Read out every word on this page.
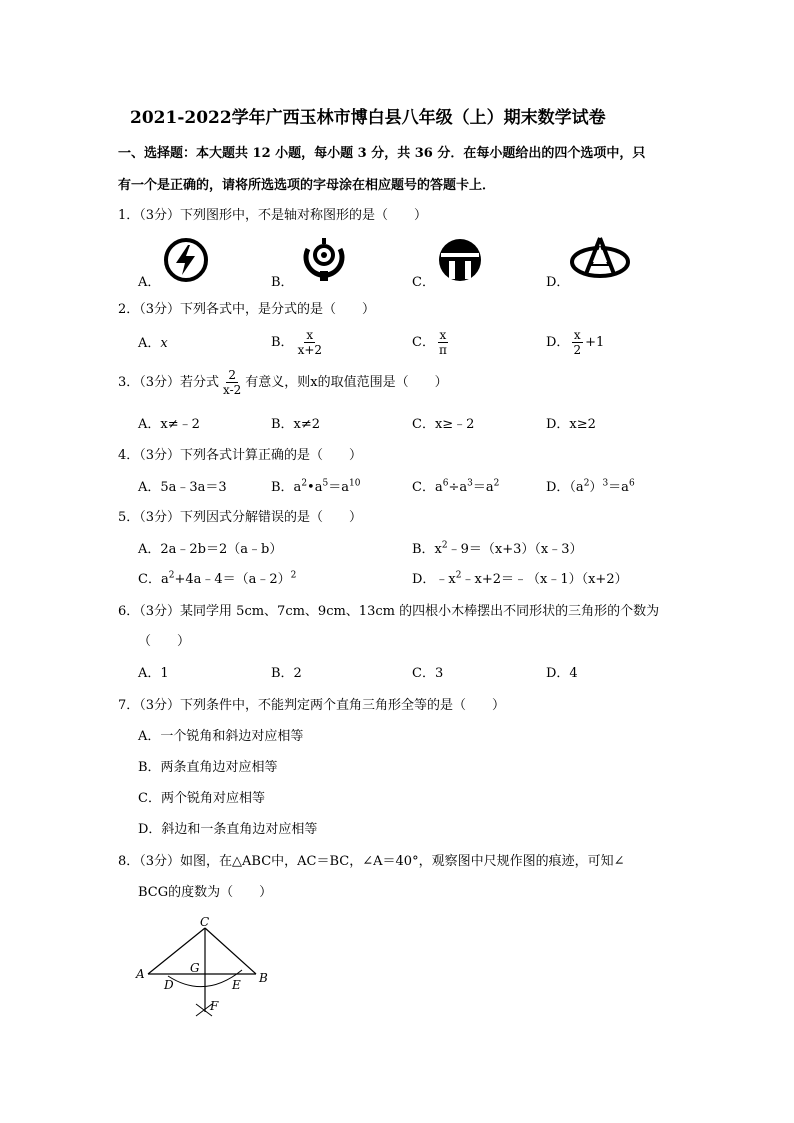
2021-2022学年广西玉林市博白县八年级（上）期末数学试卷
一、选择题：本大题共 12 小题，每小题 3 分，共 36 分．在每小题给出的四个选项中，只
有一个是正确的，请将所选选项的字母涂在相应题号的答题卡上．
1．（3分）下列图形中，不是轴对称图形的是（　　）
A．	B．	C．	D．
2．（3分）下列各式中，是分式的是（　　）
A．x	B． $\frac{x}{x+2}$	C． $\frac{x}{\pi}$	D． $\frac{x}{2} +1$
3．（3分）若分式 $\frac{2}{x-2}$ 有意义，则x的取值范围是（　　）
A．x≠﹣2	B．x≠2	C．x≥﹣2	D．x≥2
4．（3分）下列各式计算正确的是（　　）
A．5a﹣3a＝3	B．$a^2•a^5=a^{10}$	C．$a^6\div a^3=a^2$	D．$(a^2)^3=a^6$
5．（3分）下列因式分解错误的是（　　）
A．2a﹣2b＝2（a﹣b）	B．$x^2﹣9=(x+3)(x﹣3)$
C．$a^2+4a﹣4=(a﹣2)^2$	D．$﹣x^2﹣x+2=﹣(x﹣1)(x+2)$
6．（3分）某同学用 5cm、7cm、9cm、13cm 的四根小木棒摆出不同形状的三角形的个数为
（　　）
A．1	B．2	C．3	D．4
7．（3分）下列条件中，不能判定两个直角三角形全等的是（　　）
A．一个锐角和斜边对应相等
B．两条直角边对应相等
C．两个锐角对应相等
D．斜边和一条直角边对应相等
8．（3分）如图，在△ABC中，AC＝BC，∠A＝40°，观察图中尺规作图的痕迹，可知∠
BCG的度数为（　　）
C
A	B
G
D	E
F
